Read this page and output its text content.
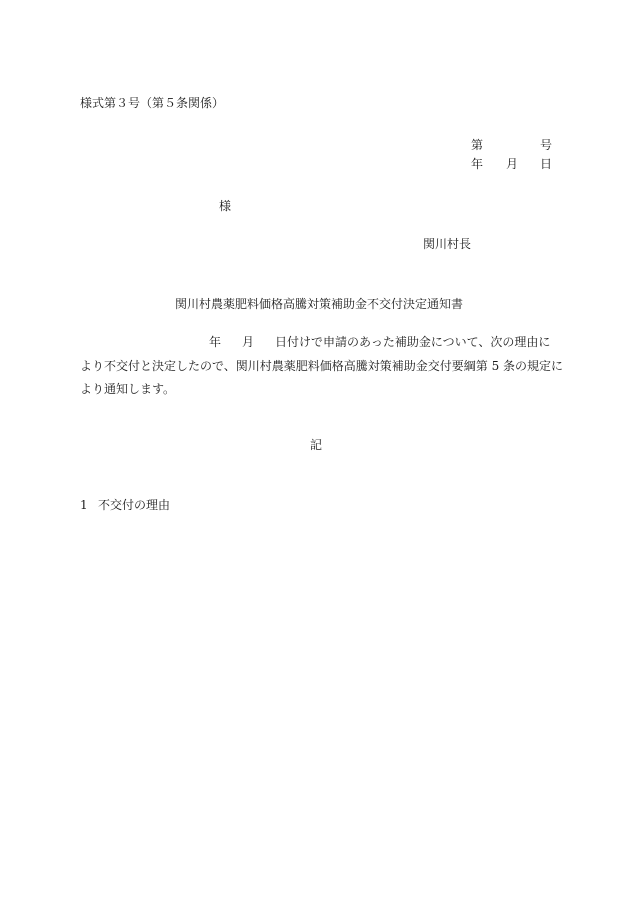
様式第３号（第５条関係）
第	号
年 月 日
様
関川村長
関川村農薬肥料価格高騰対策補助金不交付決定通知書
年 月 日付けで申請のあった補助金について、次の理由に
より不交付と決定したので、関川村農薬肥料価格高騰対策補助金交付要綱第 5 条の規定に
より通知します。
記
1 不交付の理由
